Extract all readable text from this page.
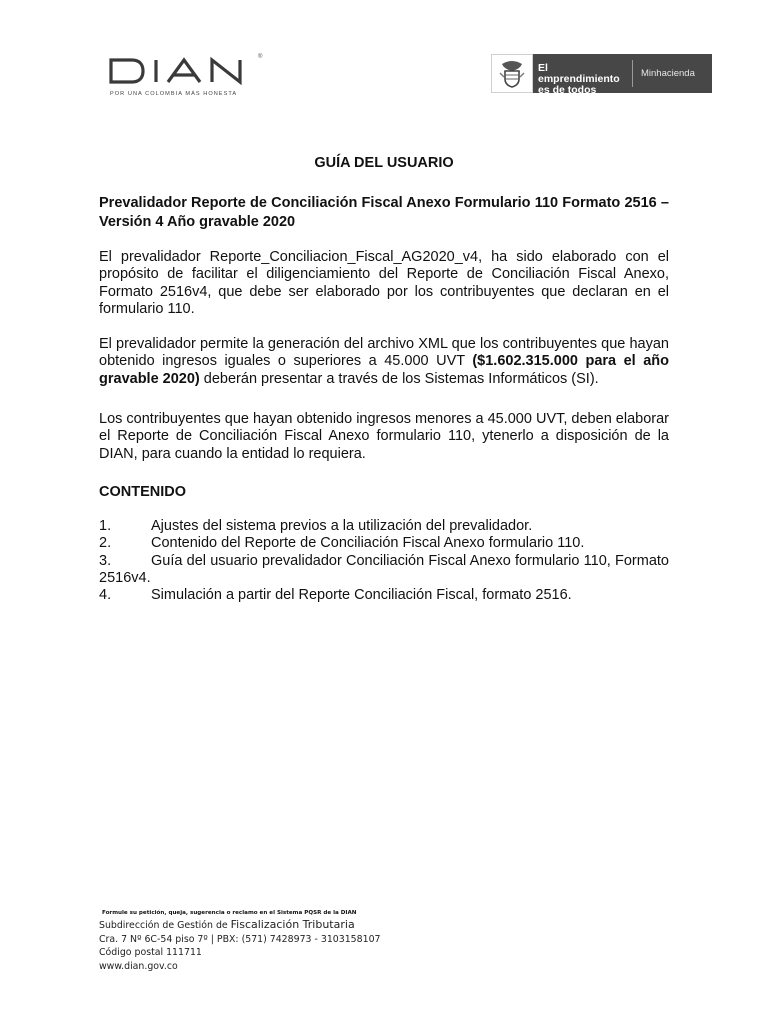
®
POR UNA COLOMBIA MÁS HONESTA
El emprendimiento es de todos
Minhacienda
GUÍA DEL USUARIO

Prevalidador Reporte de Conciliación Fiscal Anexo Formulario 110 Formato 2516 –Versión 4 Año gravable 2020

El prevalidador Reporte_Conciliacion_Fiscal_AG2020_v4, ha sido elaborado con el propósito de facilitar el diligenciamiento del Reporte de Conciliación Fiscal Anexo, Formato 2516v4, que debe ser elaborado por los contribuyentes que declaran en el formulario 110.

El prevalidador permite la generación del archivo XML que los contribuyentes que hayan obtenido ingresos iguales o superiores a 45.000 UVT ($1.602.315.000 para el año gravable 2020) deberán presentar a través de los Sistemas Informáticos (SI).

Los contribuyentes que hayan obtenido ingresos menores a 45.000 UVT, deben elaborar el Reporte de Conciliación Fiscal Anexo formulario 110, ytenerlo a disposición de la DIAN, para cuando la entidad lo requiera.

CONTENIDO
1.	Ajustes del sistema previos a la utilización del prevalidador.
2.	Contenido del Reporte de Conciliación Fiscal Anexo formulario 110.
3.	Guía del usuario prevalidador Conciliación Fiscal Anexo formulario 110, Formato 2516v4.
4.	Simulación a partir del Reporte Conciliación Fiscal, formato 2516.
Formule su petición, queja, sugerencia o reclamo en el Sistema PQSR de la DIAN
Subdirección de Gestión de Fiscalización Tributaria
Cra. 7 Nº 6C-54 piso 7º | PBX: (571) 7428973 - 3103158107
Código postal 111711
www.dian.gov.co
